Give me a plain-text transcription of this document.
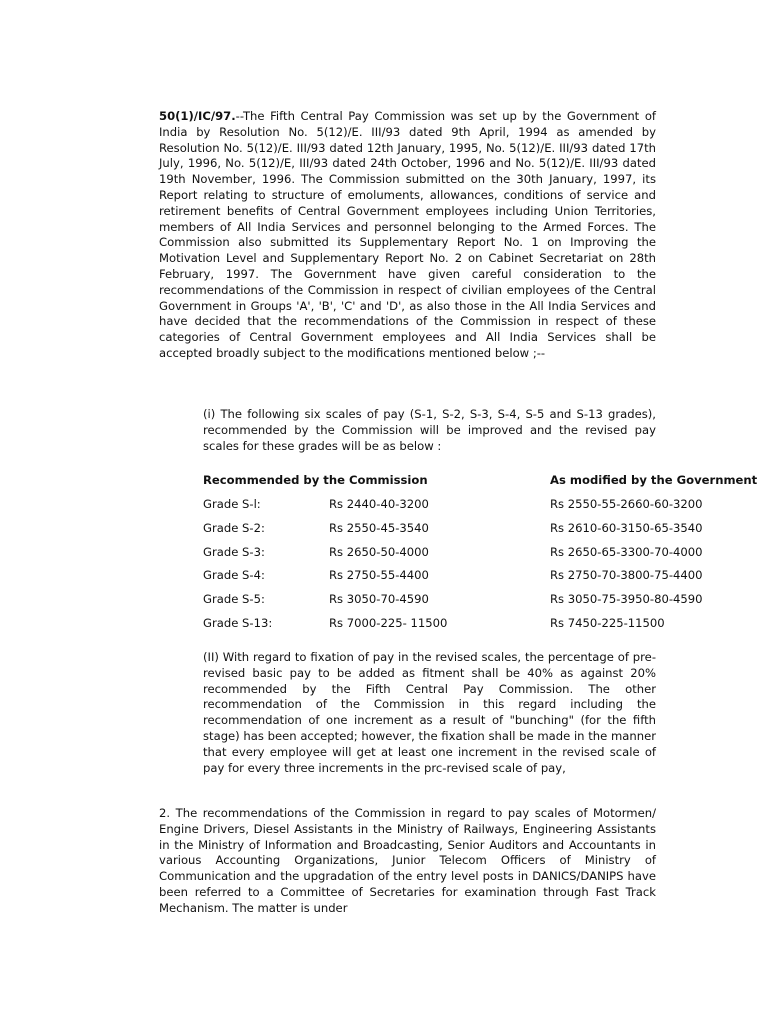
50(1)/IC/97.--The Fifth Central Pay Commission was set up by the Government of India by Resolution No. 5(12)/E. III/93 dated 9th April, 1994 as amended by Resolution No. 5(12)/E. III/93 dated 12th January, 1995, No. 5(12)/E. III/93 dated 17th July, 1996, No. 5(12)/E, III/93 dated 24th October, 1996 and No. 5(12)/E. III/93 dated 19th November, 1996. The Commission submitted on the 30th January, 1997, its Report relating to structure of emoluments, allowances, conditions of service and retirement benefits of Central Government employees including Union Territories, members of All India Services and personnel belonging to the Armed Forces. The Commission also submitted its Supplementary Report No. 1 on Improving the Motivation Level and Supplementary Report No. 2 on Cabinet Secretariat on 28th February, 1997. The Government have given careful consideration to the recommendations of the Commission in respect of civilian employees of the Central Government in Groups 'A', 'B', 'C' and 'D', as also those in the All India Services and have decided that the recommendations of the Commission in respect of these categories of Central Government employees and All India Services shall be accepted broadly subject to the modifications mentioned below ;--

(i) The following six scales of pay (S-1, S-2, S-3, S-4, S-5 and S-13 grades), recommended by the Commission will be improved and the revised pay scales for these grades will be as below :

Recommended by the Commission	As modified by the Government
Grade S-l:	Rs 2440-40-3200	Rs 2550-55-2660-60-3200
Grade S-2:	Rs 2550-45-3540	Rs 2610-60-3150-65-3540
Grade S-3:	Rs 2650-50-4000	Rs 2650-65-3300-70-4000
Grade S-4:	Rs 2750-55-4400	Rs 2750-70-3800-75-4400
Grade S-5:	Rs 3050-70-4590	Rs 3050-75-3950-80-4590
Grade S-13:	Rs 7000-225- 11500	Rs 7450-225-11500

(II) With regard to fixation of pay in the revised scales, the percentage of pre-revised basic pay to be added as fitment shall be 40% as against 20% recommended by the Fifth Central Pay Commission. The other recommendation of the Commission in this regard including the recommendation of one increment as a result of "bunching" (for the fifth stage) has been accepted; however, the fixation shall be made in the manner that every employee will get at least one increment in the revised scale of pay for every three increments in the prc-revised scale of pay,

2. The recommendations of the Commission in regard to pay scales of Motormen/ Engine Drivers, Diesel Assistants in the Ministry of Railways, Engineering Assistants in the Ministry of Information and Broadcasting, Senior Auditors and Accountants in various Accounting Organizations, Junior Telecom Officers of Ministry of Communication and the upgradation of the entry level posts in DANICS/DANIPS have been referred to a Committee of Secretaries for examination through Fast Track Mechanism. The matter is under
